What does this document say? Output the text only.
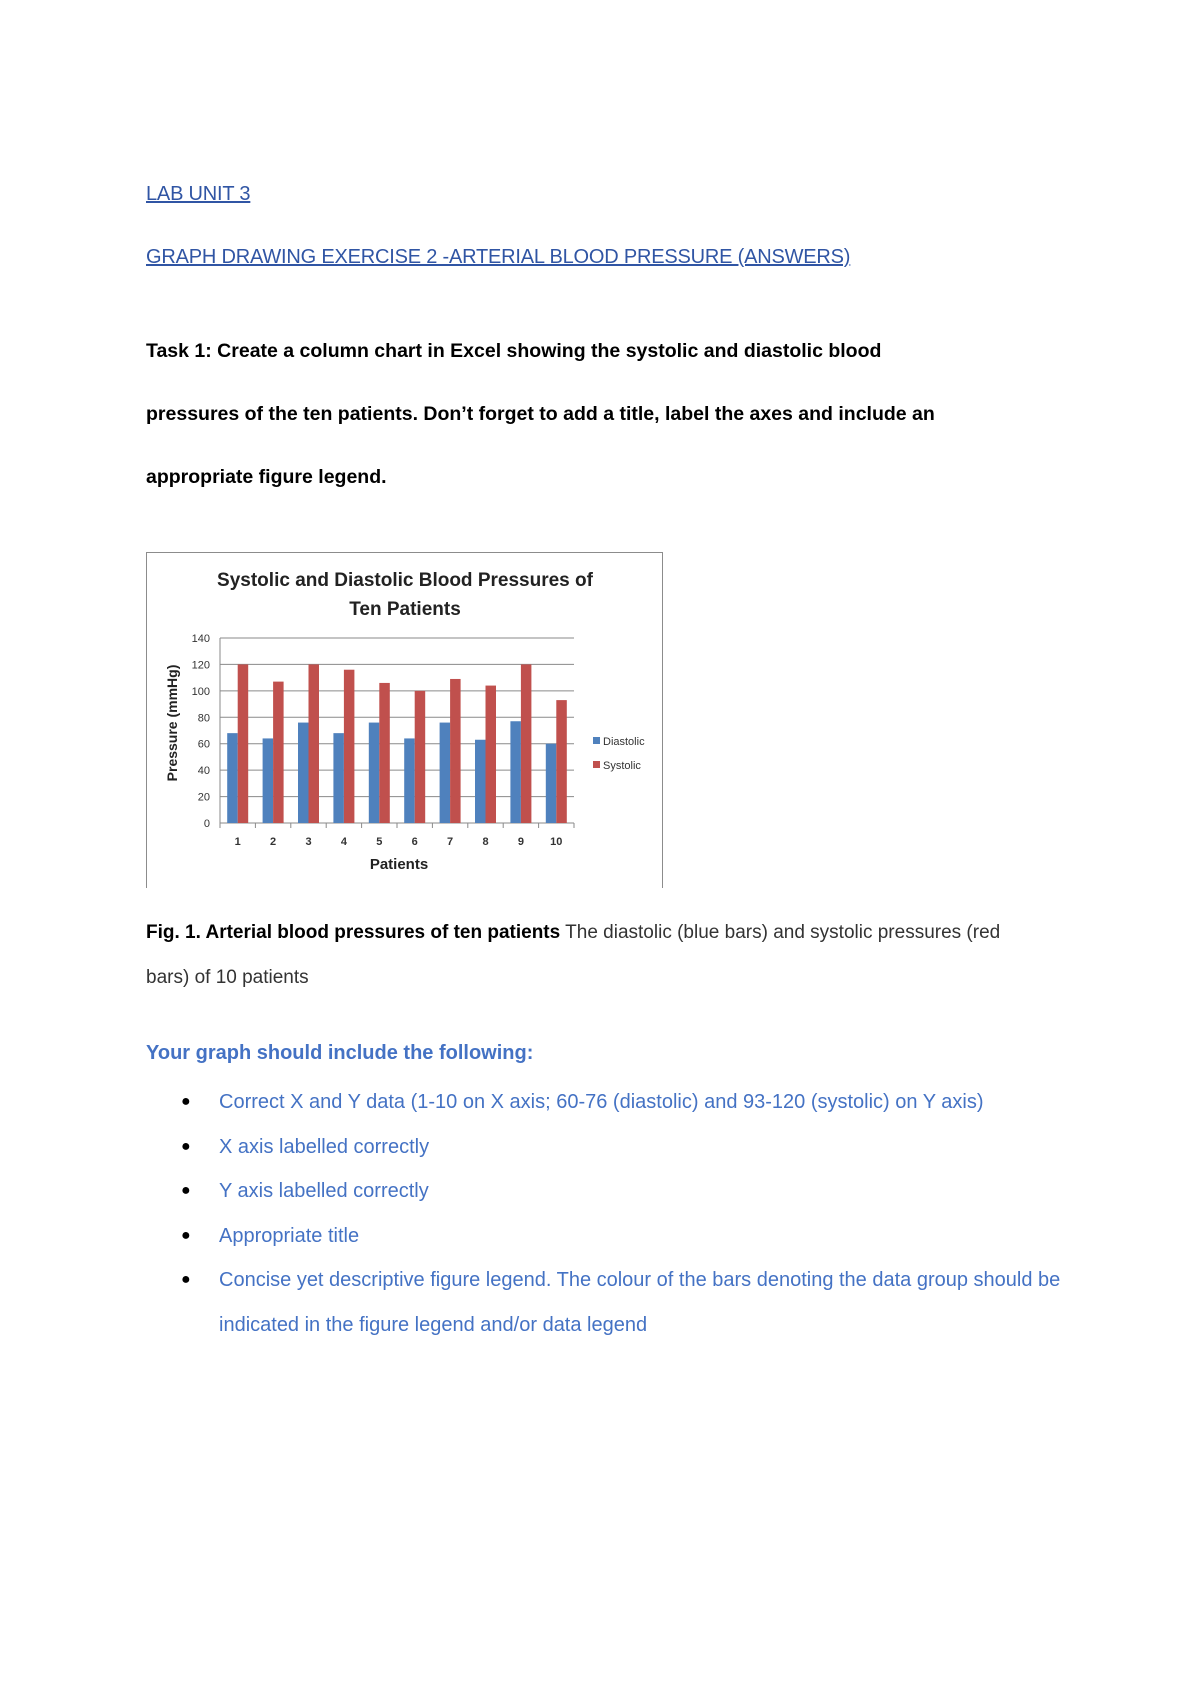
LAB UNIT 3
GRAPH DRAWING EXERCISE 2 -ARTERIAL BLOOD PRESSURE (ANSWERS)

Task 1: Create a column chart in Excel showing the systolic and diastolic blood

pressures of the ten patients. Don’t forget to add a title, label the axes and include an

appropriate figure legend.

Systolic and Diastolic Blood Pressures of
Ten Patients
Pressure (mmHg)
Patients
0
20
40
60
80
100
120
140
1	2	3	4	5	6	7	8	9 10
Diastolic
Systolic
Fig. 1. Arterial blood pressures of ten patients The diastolic (blue bars) and systolic pressures (red bars) of 10 patients
Your graph should include the following:
● Correct X and Y data (1-10 on X axis; 60-76 (diastolic) and 93-120 (systolic) on Y axis)
● X axis labelled correctly
● Y axis labelled correctly
● Appropriate title
● Concise yet descriptive figure legend. The colour of the bars denoting the data group should be indicated in the figure legend and/or data legend
